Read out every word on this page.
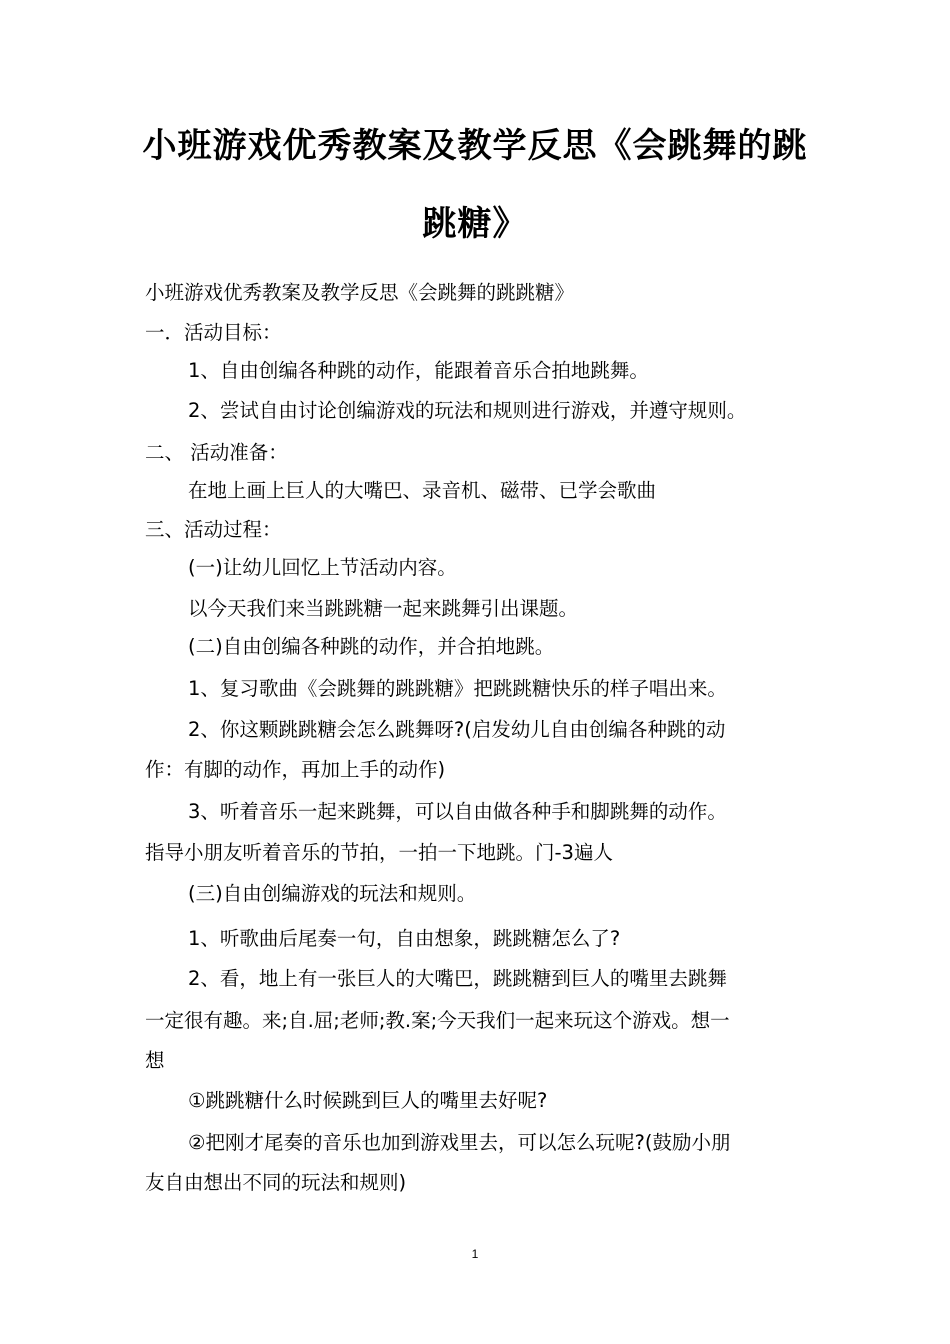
小班游戏优秀教案及教学反思《会跳舞的跳
跳糖》
小班游戏优秀教案及教学反思《会跳舞的跳跳糖》
一．活动目标：
1、自由创编各种跳的动作，能跟着音乐合拍地跳舞。
2、尝试自由讨论创编游戏的玩法和规则进行游戏，并遵守规则。
二、 活动准备：
在地上画上巨人的大嘴巴、录音机、磁带、已学会歌曲
三、活动过程：
(一)让幼儿回忆上节活动内容。
以今天我们来当跳跳糖一起来跳舞引出课题。
(二)自由创编各种跳的动作，并合拍地跳。
1、复习歌曲《会跳舞的跳跳糖》把跳跳糖快乐的样子唱出来。
2、你这颗跳跳糖会怎么跳舞呀?(启发幼儿自由创编各种跳的动
作：有脚的动作，再加上手的动作)
3、听着音乐一起来跳舞，可以自由做各种手和脚跳舞的动作。
指导小朋友听着音乐的节拍，一拍一下地跳。门-3遍人
(三)自由创编游戏的玩法和规则。
1、听歌曲后尾奏一句，自由想象，跳跳糖怎么了?
2、看，地上有一张巨人的大嘴巴，跳跳糖到巨人的嘴里去跳舞
一定很有趣。来;自.屈;老师;教.案;今天我们一起来玩这个游戏。想一
想
①跳跳糖什么时候跳到巨人的嘴里去好呢?
②把刚才尾奏的音乐也加到游戏里去，可以怎么玩呢?(鼓励小朋
友自由想出不同的玩法和规则)
1
